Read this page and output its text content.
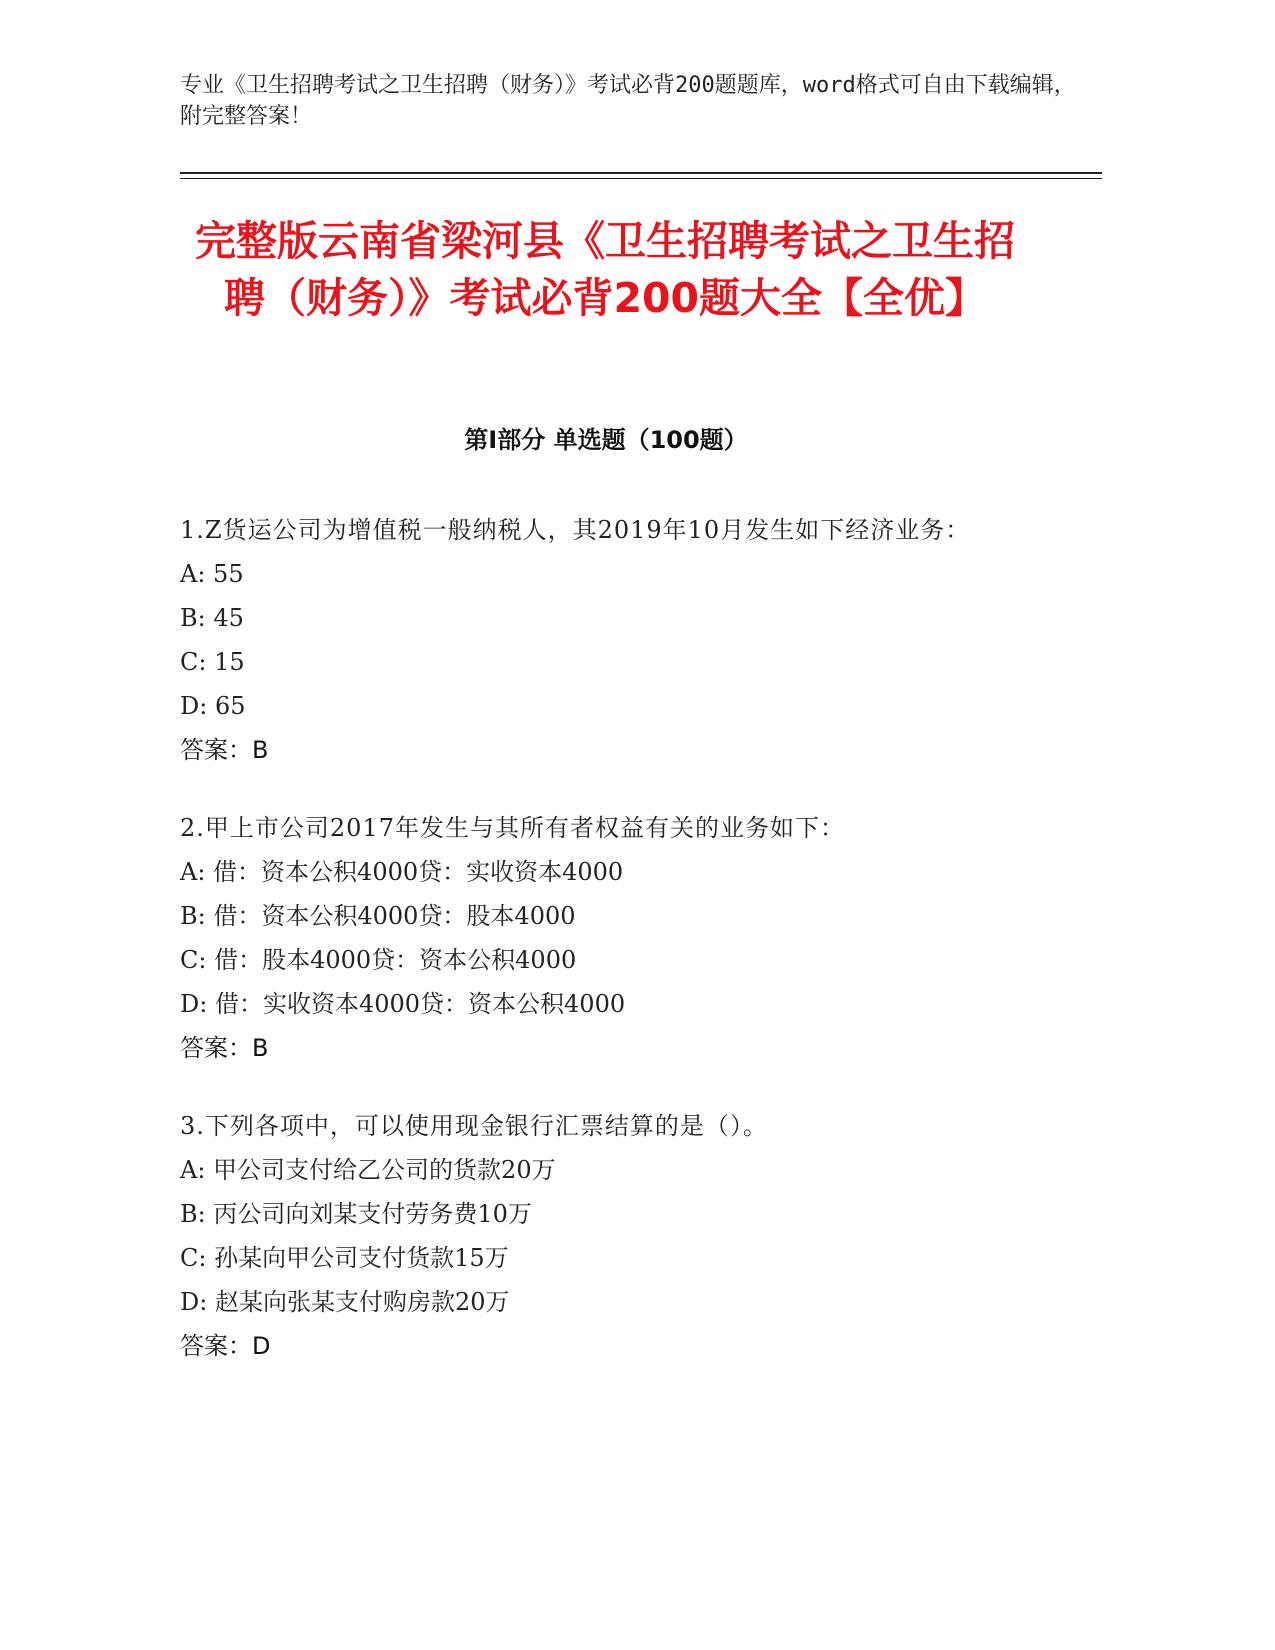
专业《卫生招聘考试之卫生招聘（财务）》考试必背200题题库，word格式可自由下载编辑，附完整答案！
完整版云南省梁河县《卫生招聘考试之卫生招聘（财务）》考试必背200题大全【全优】
第Ⅰ部分 单选题（100题）
1.Z货运公司为增值税一般纳税人，其2019年10月发生如下经济业务：
A: 55
B: 45
C: 15
D: 65
答案：B
2.甲上市公司2017年发生与其所有者权益有关的业务如下：
A: 借：资本公积4000贷：实收资本4000
B: 借：资本公积4000贷：股本4000
C: 借：股本4000贷：资本公积4000
D: 借：实收资本4000贷：资本公积4000
答案：B
3.下列各项中，可以使用现金银行汇票结算的是（）。
A: 甲公司支付给乙公司的货款20万
B: 丙公司向刘某支付劳务费10万
C: 孙某向甲公司支付货款15万
D: 赵某向张某支付购房款20万
答案：D
